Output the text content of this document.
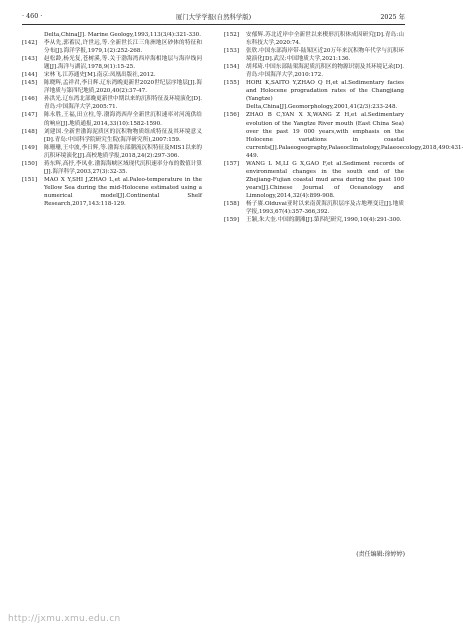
· 460 ·	厦门大学学报(自然科学版)	2025 年
Delta,China[J]. Marine Geology,1993,113(3/4):321-330.
[142] 李从先,郭蓄民,许世远,等.全新世长江三角洲地区砂体的特征和分布[J].海洋学报,1979,1(2):252-268.
[143] 赵松龄,杨光复,苍树溪,等.关于渤海湾西岸海相地层与海岸线问题[J].海洋与湖沼,1978,9(1):15-25.
[144] 宋林飞.江苏通史[M].南京:凤凰出版社,2012.
[145] 陈晓辉,孟祥君,李日辉.辽东湾晚更新世2020世纪层序地层[J].海洋地质与第四纪地质,2020,40(2):37-47.
[146] 孙洪光.辽东湾北部晚更新世中期以来的沉积特征及环境演化[D].青岛:中国海洋大学,2005:71.
[147] 陈永胜,王福,田立柱,等.渤海湾西岸全新世沉积速率对河流供给的响应[J].地质通报,2014,33(10):1582-1590.
[148] 刘建国.全新世渤海泥质区的沉积物物质组成特征及其环境意义[D].青岛:中国科学院研究生院(海洋研究所),2007:159.
[149] 陈珊珊,王中波,李日辉,等.渤海东部潮流沉积特征及MIS1以来的沉积环境演化[J].高校地质学报,2018,24(2):297-306.
[150] 蒋东辉,高抒,李凤业.渤海海峡区域现代沉积速率分布的数值计算[J].海洋科学,2003,27(3):32-35.
[151] MAO X Y,SHI J,ZHAO L,et al.Paleo-temperature in the Yellow Sea during the mid-Holocene estimated using a numerical model[J].Continental Shelf Research,2017,143:118-129.
[152] 安郁辉.苏北近岸中全新世以来楔形沉积体成因研究[D].青岛:山东科技大学,2020:74.
[153] 张欣.中国东部海岸带-陆架区近20万年来沉积物年代学与沉积环境演化[D].武汉:中国地质大学,2021:136.
[154] 胡邦琦.中国东部陆架海泥质沉积区的物源识别及其环境记录[D].青岛:中国海洋大学,2010:172.
[155] HORI K,SAITO Y,ZHAO Q H,et al.Sedimentary facies and Holocene progradation rates of the Changjiang (Yangtze) Delta,China[J].Geomorphology,2001,41(2/3):233-248.
[156] ZHAO B C,YAN X X,WANG Z H,et al.Sedimentary evolution of the Yangtze River mouth (East China Sea) over the past 19 000 years,with emphasis on the Holocene variations in coastal currents[J].Palaeogeography,Palaeoclimatology,Palaeoecology,2018,490:431-449.
[157] WANG L M,LI G X,GAO F,et al.Sediment records of environmental changes in the south end of the Zhejiang-Fujian coastal mud area during the past 100 years[J].Chinese Journal of Oceanology and Limnology,2014,32(4):899-908.
[158] 杨子赓.Olduvai亚时以来南黄海沉积层序及古地理变迁[J].地质学报,1993,67(4):357-366,392.
[159] 王颖,朱大奎.中国的潮滩[J].第四纪研究,1990,10(4):291-300.
(责任编辑:徐婷婷)
http://jxmu.xmu.edu.cn
